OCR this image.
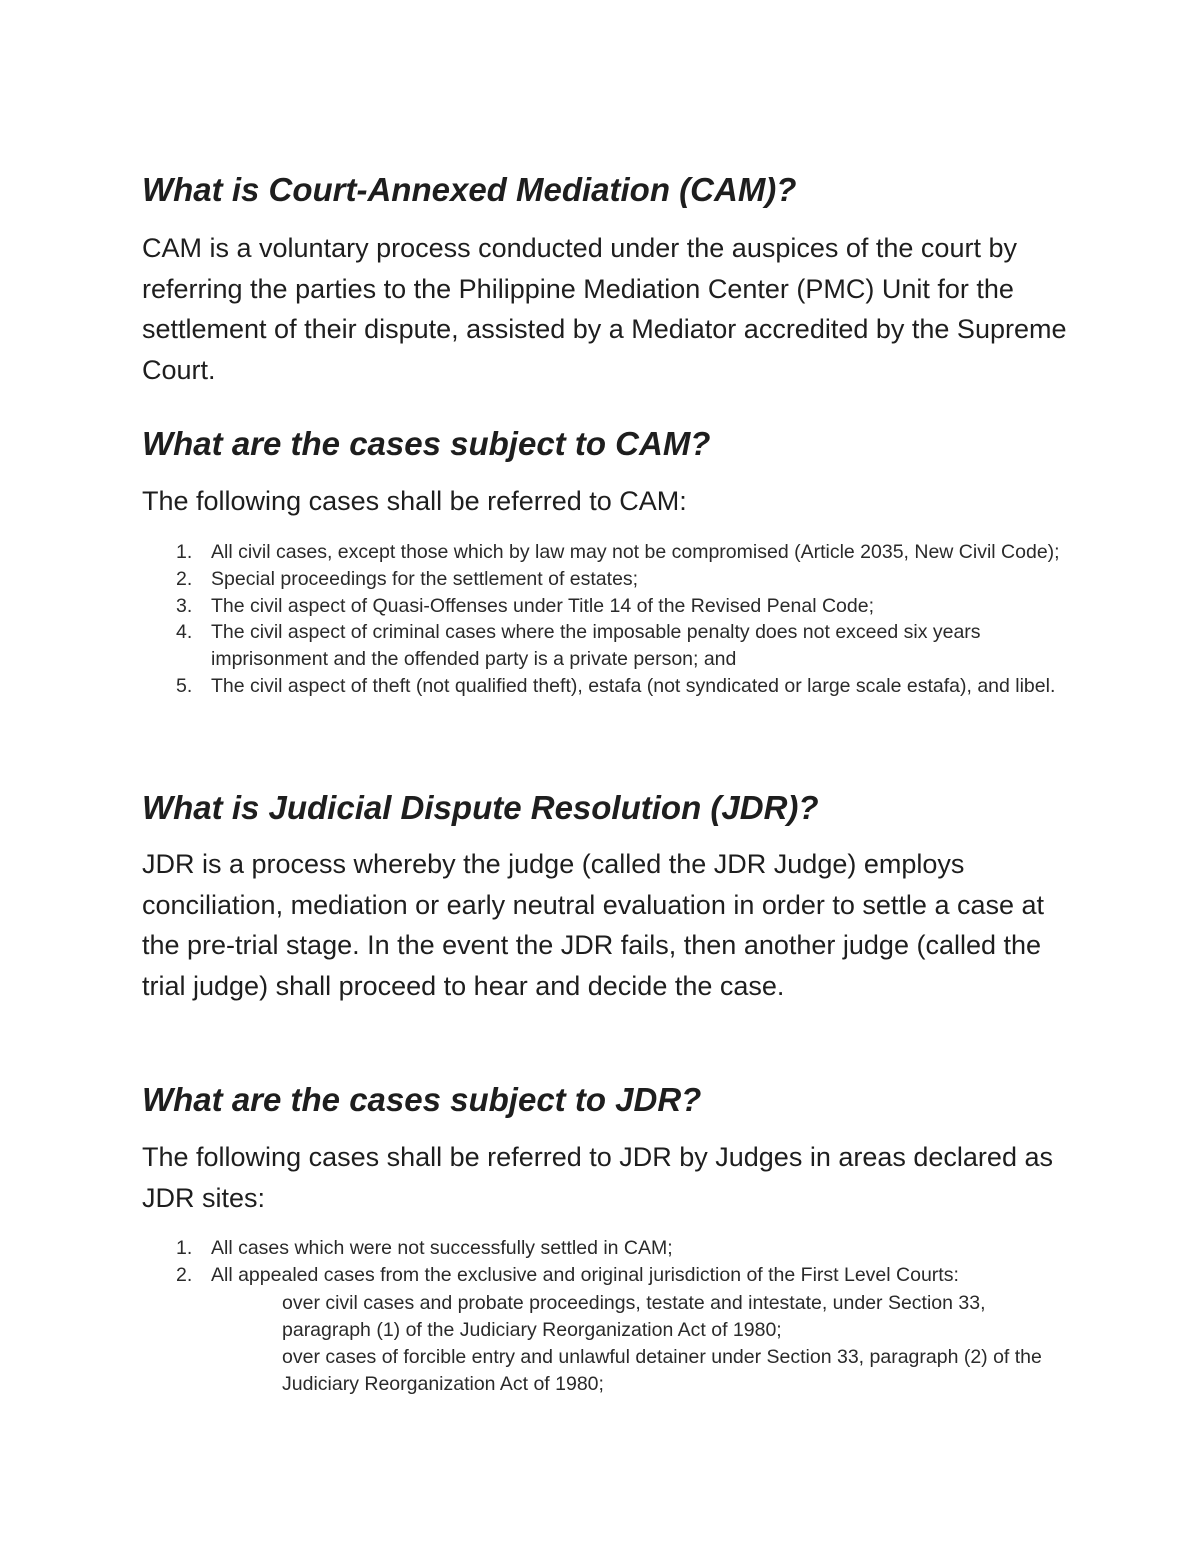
What is Court-Annexed Mediation (CAM)?

CAM is a voluntary process conducted under the auspices of the court by referring the parties to the Philippine Mediation Center (PMC) Unit for the settlement of their dispute, assisted by a Mediator accredited by the Supreme Court.

What are the cases subject to CAM?

The following cases shall be referred to CAM:

1. All civil cases, except those which by law may not be compromised (Article 2035, New Civil Code);
2. Special proceedings for the settlement of estates;
3. The civil aspect of Quasi-Offenses under Title 14 of the Revised Penal Code;
4. The civil aspect of criminal cases where the imposable penalty does not exceed six years imprisonment and the offended party is a private person; and
5. The civil aspect of theft (not qualified theft), estafa (not syndicated or large scale estafa), and libel.
What is Judicial Dispute Resolution (JDR)?

JDR is a process whereby the judge (called the JDR Judge) employs conciliation, mediation or early neutral evaluation in order to settle a case at the pre-trial stage. In the event the JDR fails, then another judge (called the trial judge) shall proceed to hear and decide the case.

What are the cases subject to JDR?

The following cases shall be referred to JDR by Judges in areas declared as JDR sites:

1. All cases which were not successfully settled in CAM;
2. All appealed cases from the exclusive and original jurisdiction of the First Level Courts:

over civil cases and probate proceedings, testate and intestate, under Section 33, paragraph (1) of the Judiciary Reorganization Act of 1980;

over cases of forcible entry and unlawful detainer under Section 33, paragraph (2) of the Judiciary Reorganization Act of 1980;
